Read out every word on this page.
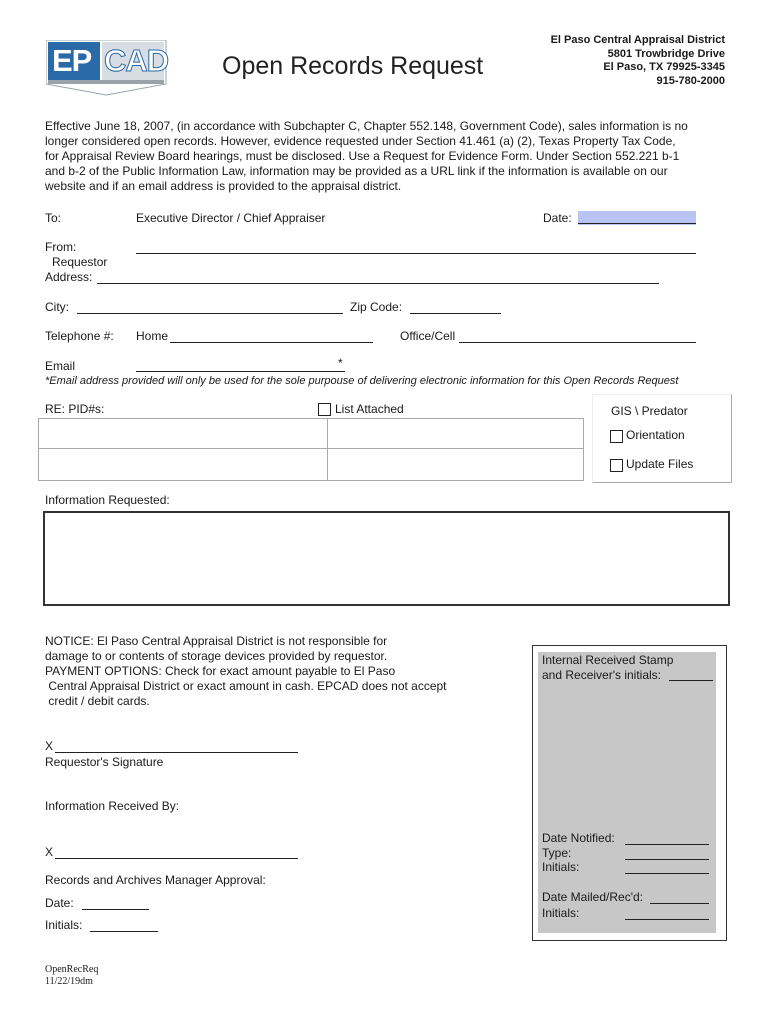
EP CAD Open Records Request
El Paso Central Appraisal District
5801 Trowbridge Drive
El Paso, TX 79925-3345
915-780-2000
Effective June 18, 2007, (in accordance with Subchapter C, Chapter 552.148, Government Code), sales information is no
longer considered open records. However, evidence requested under Section 41.461 (a) (2), Texas Property Tax Code,
for Appraisal Review Board hearings, must be disclosed. Use a Request for Evidence Form. Under Section 552.221 b-1
and b-2 of the Public Information Law, information may be provided as a URL link if the information is available on our
website and if an email address is provided to the appraisal district.
To:	Executive Director / Chief Appraiser	Date:
From:
Requestor
Address:
City:	Zip Code:
Telephone #: Home	Office/Cell
Email	*
*Email address provided will only be used for the sole purpouse of delivering electronic information for this Open Records Request
RE: PID#s:	List Attached	GIS \ Predator
Orientation
Update Files
Information Requested:
NOTICE: El Paso Central Appraisal District is not responsible for
damage to or contents of storage devices provided by requestor.
PAYMENT OPTIONS: Check for exact amount payable to El Paso
Central Appraisal District or exact amount in cash. EPCAD does not accept
credit / debit cards.
X
Requestor's Signature
Information Received By:
X
Records and Archives Manager Approval:
Date:
Initials:
Internal Received Stamp
and Receiver's initials:
Date Notified:
Type:
Initials:
Date Mailed/Rec'd:
Initials:
OpenRecReq
11/22/19dm
